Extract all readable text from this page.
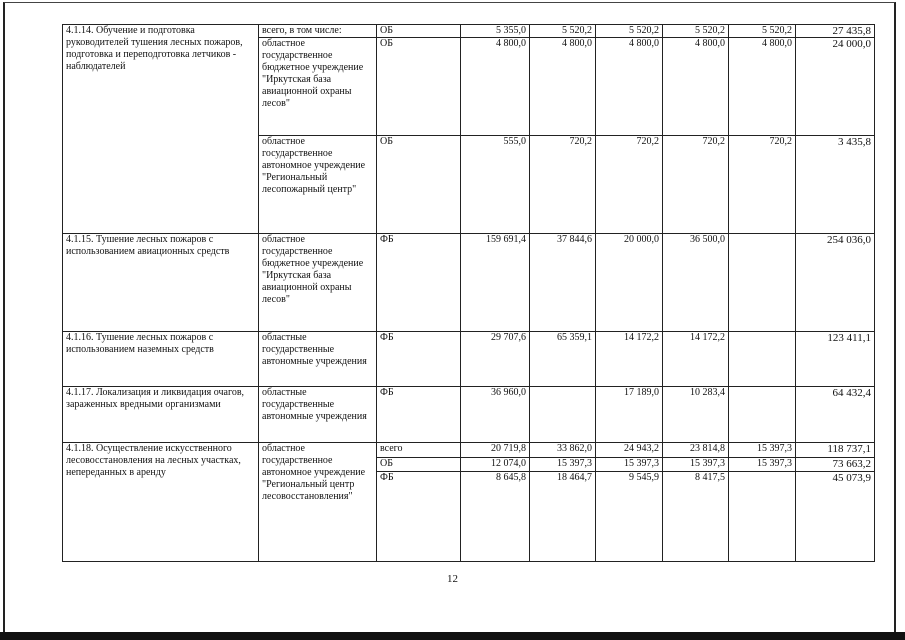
4.1.14. Обучение и подготовка руководителей тушения лесных пожаров, подготовка и переподготовка летчиков - наблюдателей	всего, в том числе:	ОБ	5 355,0	5 520,2	5 520,2	5 520,2	5 520,2	27 435,8
	областное государственное бюджетное учреждение "Иркутская база авиационной охраны лесов"	ОБ	4 800,0	4 800,0	4 800,0	4 800,0	4 800,0	24 000,0
	областное государственное автономное учреждение "Региональный лесопожарный центр"	ОБ	555,0	720,2	720,2	720,2	720,2	3 435,8
4.1.15. Тушение лесных пожаров с использованием авиационных средств	областное государственное бюджетное учреждение "Иркутская база авиационной охраны лесов"	ФБ	159 691,4	37 844,6	20 000,0	36 500,0		254 036,0
4.1.16. Тушение лесных пожаров с использованием наземных средств	областные государственные автономные учреждения	ФБ	29 707,6	65 359,1	14 172,2	14 172,2		123 411,1
4.1.17. Локализация и ликвидация очагов, зараженных вредными организмами	областные государственные автономные учреждения	ФБ	36 960,0		17 189,0	10 283,4		64 432,4
4.1.18. Осуществление искусственного лесовосстановления на лесных участках, непереданных в аренду	областное государственное автономное учреждение "Региональный центр лесовосстановления"	всего	20 719,8	33 862,0	24 943,2	23 814,8	15 397,3	118 737,1
		ОБ	12 074,0	15 397,3	15 397,3	15 397,3	15 397,3	73 663,2
		ФБ	8 645,8	18 464,7	9 545,9	8 417,5		45 073,9
12
